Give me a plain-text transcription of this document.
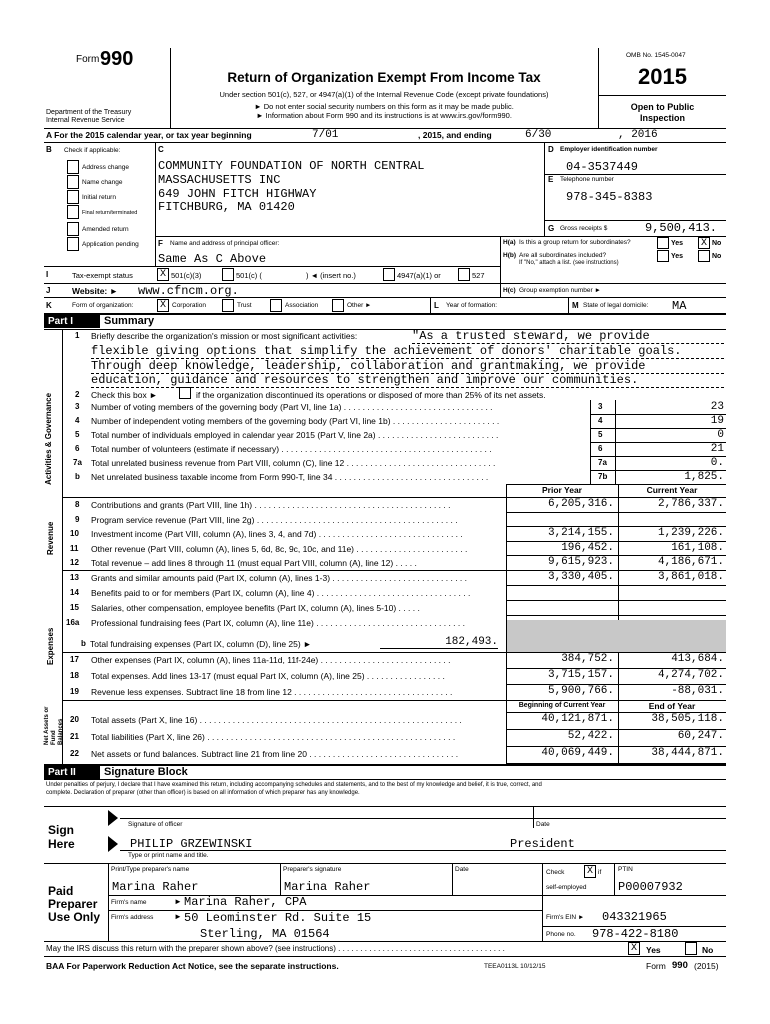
Form 990
Department of the Treasury
Internal Revenue Service
Return of Organization Exempt From Income Tax
Under section 501(c), 527, or 4947(a)(1) of the Internal Revenue Code (except private foundations)
► Do not enter social security numbers on this form as it may be made public.
► Information about Form 990 and its instructions is at www.irs.gov/form990.
OMB No. 1545-0047
2015
Open to Public
Inspection
A For the 2015 calendar year, or tax year beginning	7/01	, 2015, and ending	6/30	, 2016
B Check if applicable:
Address change
Name change
Initial return
Final return/terminated
Amended return
Application pending
C
COMMUNITY FOUNDATION OF NORTH CENTRAL
MASSACHUSETTS INC
649 JOHN FITCH HIGHWAY
FITCHBURG, MA 01420
D Employer identification number
04-3537449
E Telephone number
978-345-8383
G Gross receipts $	9,500,413.
F Name and address of principal officer:
Same As C Above
H(a) Is this a group return for subordinates?	Yes X No
H(b) Are all subordinates included?
If "No," attach a list. (see instructions)
Yes	No
I	Tax-exempt status	X 501(c)(3)	501(c) (	) ◄ (insert no.)	4947(a)(1) or	527
J	Website: ► www.cfncm.org.	H(c) Group exemption number ►
K	Form of organization:	X Corporation	Trust	Association	Other ►	L Year of formation:	M State of legal domicile: MA
Part I	Summary
Activities & Governance
Revenue
Expenses
Net Assets or Fund Balances
1 Briefly describe the organization's mission or most significant activities:	"As a trusted steward, we provide
flexible giving options that simplify the achievement of donors' charitable goals.
Through deep knowledge, leadership, collaboration and grantmaking, we provide
education, guidance and resources to strengthen and improve our communities.
2 Check this box ►	if the organization discontinued its operations or disposed of more than 25% of its net assets.
3 Number of voting members of the governing body (Part VI, line 1a) . . . . . . . . . . . . . . . . . . . . . . . . . . . . . . . .	3	23
4 Number of independent voting members of the governing body (Part VI, line 1b) . . . . . . . . . . . . . . . . . . . . . . .	4	19
5 Total number of individuals employed in calendar year 2015 (Part V, line 2a) . . . . . . . . . . . . . . . . . . . . . . . . . .	5	0
6 Total number of volunteers (estimate if necessary) . . . . . . . . . . . . . . . . . . . . . . . . . . . . . . . . . . . . . . . . . . . . .	6	21
7a Total unrelated business revenue from Part VIII, column (C), line 12 . . . . . . . . . . . . . . . . . . . . . . . . . . . . . . . .	7a	0.
b Net unrelated business taxable income from Form 990-T, line 34 . . . . . . . . . . . . . . . . . . . . . . . . . . . . . . . . .	7b	1,825.
Prior Year	Current Year
8 Contributions and grants (Part VIII, line 1h) . . . . . . . . . . . . . . . . . . . . . . . . . . . . . . . . . . . . . . . . . .	6,205,316.	2,786,337.
9 Program service revenue (Part VIII, line 2g) . . . . . . . . . . . . . . . . . . . . . . . . . . . . . . . . . . . . . . . . . . .
10 Investment income (Part VIII, column (A), lines 3, 4, and 7d) . . . . . . . . . . . . . . . . . . . . . . . . . . . . . . .	3,214,155.	1,239,226.
11 Other revenue (Part VIII, column (A), lines 5, 6d, 8c, 9c, 10c, and 11e) . . . . . . . . . . . . . . . . . . . . . . . .	196,452.	161,108.
12 Total revenue – add lines 8 through 11 (must equal Part VIII, column (A), line 12) . . . . .	9,615,923.	4,186,671.
13 Grants and similar amounts paid (Part IX, column (A), lines 1-3) . . . . . . . . . . . . . . . . . . . . . . . . . . . . .	3,330,405.	3,861,018.
14 Benefits paid to or for members (Part IX, column (A), line 4) . . . . . . . . . . . . . . . . . . . . . . . . . . . . . . . . .
15 Salaries, other compensation, employee benefits (Part IX, column (A), lines 5-10) . . . . .
16a Professional fundraising fees (Part IX, column (A), line 11e) . . . . . . . . . . . . . . . . . . . . . . . . . . . . . . . .
b Total fundraising expenses (Part IX, column (D), line 25) ►	182,493.
17 Other expenses (Part IX, column (A), lines 11a-11d, 11f-24e) . . . . . . . . . . . . . . . . . . . . . . . . . . . .	384,752.	413,684.
18 Total expenses. Add lines 13-17 (must equal Part IX, column (A), line 25) . . . . . . . . . . . . . . . . .	3,715,157.	4,274,702.
19 Revenue less expenses. Subtract line 18 from line 12 . . . . . . . . . . . . . . . . . . . . . . . . . . . . . . . . . .	5,900,766.	-88,031.
Beginning of Current Year	End of Year
20 Total assets (Part X, line 16) . . . . . . . . . . . . . . . . . . . . . . . . . . . . . . . . . . . . . . . . . . . . . . . . . . . . . . . .	40,121,871.	38,505,118.
21 Total liabilities (Part X, line 26) . . . . . . . . . . . . . . . . . . . . . . . . . . . . . . . . . . . . . . . . . . . . . . . . . . . . .	52,422.	60,247.
22 Net assets or fund balances. Subtract line 21 from line 20 . . . . . . . . . . . . . . . . . . . . . . . . . . . . . . . .	40,069,449.	38,444,871.
Part II	Signature Block
Under penalties of perjury, I declare that I have examined this return, including accompanying schedules and statements, and to the best of my knowledge and belief, it is true, correct, and
complete. Declaration of preparer (other than officer) is based on all information of which preparer has any knowledge.
Sign
Here
Signature of officer	Date
PHILIP GRZEWINSKI	President
Type or print name and title.
Paid
Preparer
Use Only
Print/Type preparer's name	Preparer's signature	Date	Check X if
self-employed
PTIN
Marina Raher	Marina Raher	P00007932
Firm's name	► Marina Raher, CPA
Firm's EIN ► 043321965
Firm's address	► 50 Leominster Rd. Suite 15
Sterling, MA 01564	Phone no. 978-422-8180
May the IRS discuss this return with the preparer shown above? (see instructions) . . . . . . . . . . . . . . . . . . . . . . . . . . . . . . . . . . . . . .	X	Yes	No
BAA For Paperwork Reduction Act Notice, see the separate instructions.	TEEA0113L 10/12/15	Form 990 (2015)
